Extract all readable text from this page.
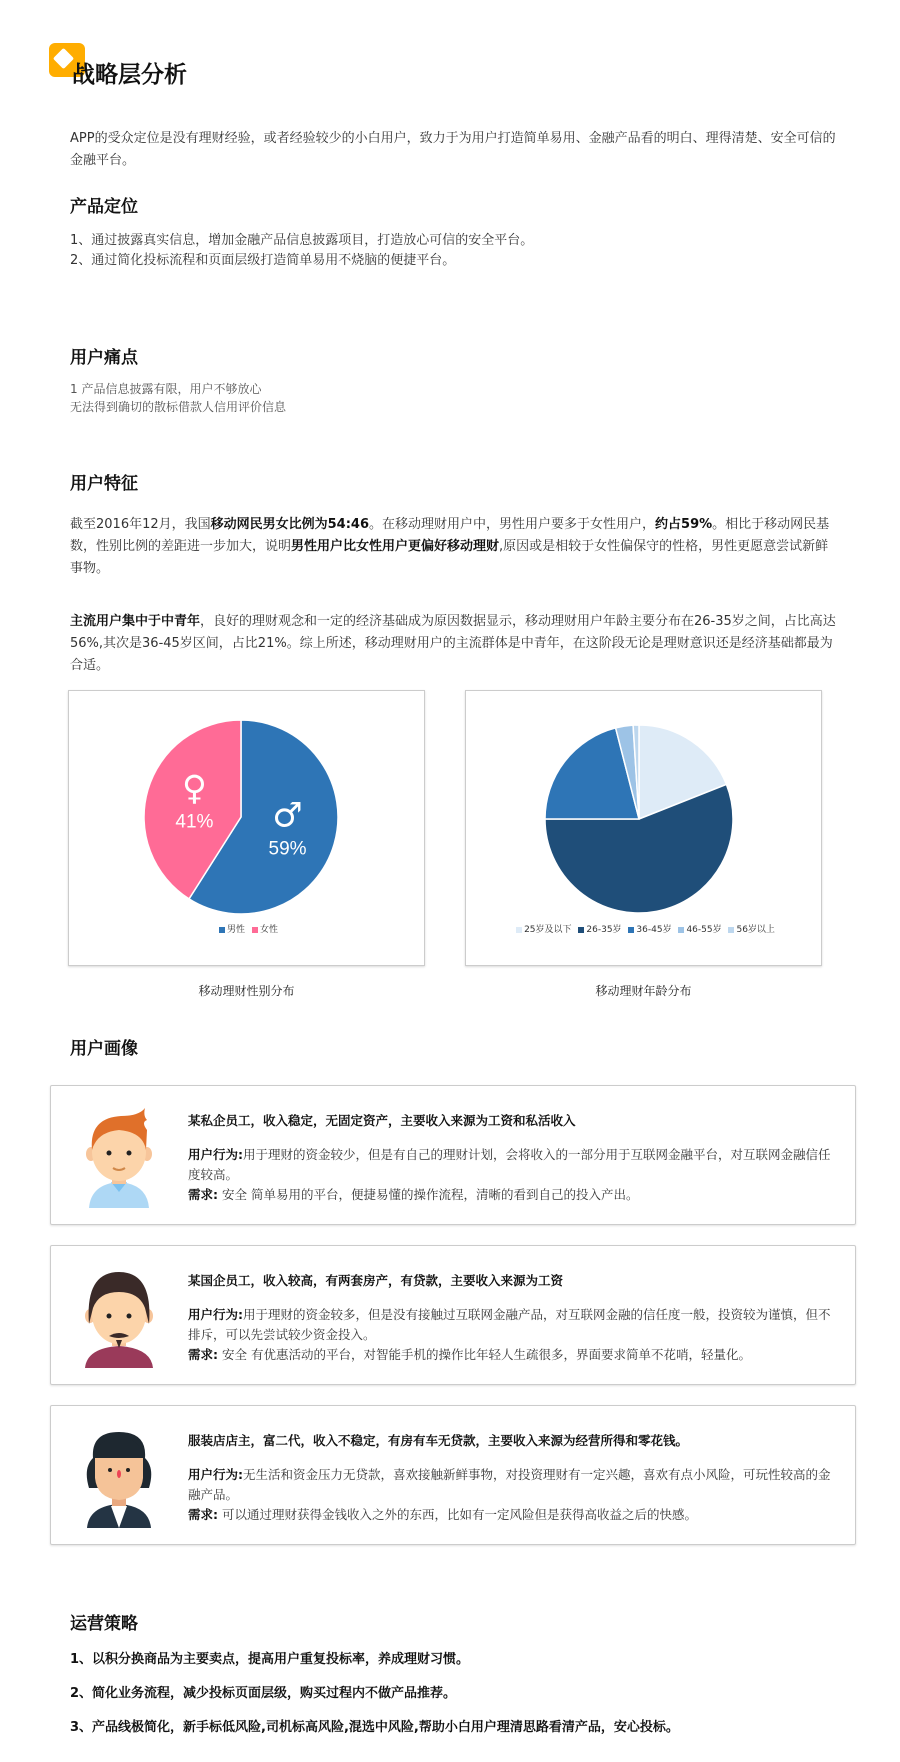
战略层分析
APP的受众定位是没有理财经验，或者经验较少的小白用户，致力于为用户打造简单易用、金融产品看的明白、理得清楚、安全可信的金融平台。
产品定位
1、通过披露真实信息，增加金融产品信息披露项目，打造放心可信的安全平台。
2、通过简化投标流程和页面层级打造简单易用不烧脑的便捷平台。
用户痛点
1 产品信息披露有限，用户不够放心
无法得到确切的散标借款人信用评价信息
用户特征
截至2016年12月，我国移动网民男女比例为54:46。在移动理财用户中，男性用户要多于女性用户，约占59%。相比于移动网民基数，性别比例的差距进一步加大，说明男性用户比女性用户更偏好移动理财,原因或是相较于女性偏保守的性格，男性更愿意尝试新鲜事物。
主流用户集中于中青年，良好的理财观念和一定的经济基础成为原因数据显示，移动理财用户年龄主要分布在26-35岁之间，占比高达56%,其次是36-45岁区间，占比21%。综上所述，移动理财用户的主流群体是中青年，在这阶段无论是理财意识还是经济基础都最为合适。
♂
59%
♀
41%
男性 女性
移动理财性别分布
25岁及以下 26-35岁 36-45岁 46-55岁 56岁以上
移动理财年龄分布
用户画像
某私企员工，收入稳定，无固定资产，主要收入来源为工资和私活收入
用户行为:用于理财的资金较少，但是有自己的理财计划，会将收入的一部分用于互联网金融平台，对互联网金融信任度较高。
需求: 安全 简单易用的平台，便捷易懂的操作流程，清晰的看到自己的投入产出。
某国企员工，收入较高，有两套房产，有贷款，主要收入来源为工资
用户行为:用于理财的资金较多，但是没有接触过互联网金融产品，对互联网金融的信任度一般，投资较为谨慎，但不排斥，可以先尝试较少资金投入。
需求: 安全 有优惠活动的平台，对智能手机的操作比年轻人生疏很多，界面要求简单不花哨，轻量化。
服装店店主，富二代，收入不稳定，有房有车无贷款，主要收入来源为经营所得和零花钱。
用户行为:无生活和资金压力无贷款，喜欢接触新鲜事物，对投资理财有一定兴趣，喜欢有点小风险，可玩性较高的金融产品。
需求: 可以通过理财获得金钱收入之外的东西，比如有一定风险但是获得高收益之后的快感。
运营策略
1、以积分换商品为主要卖点，提高用户重复投标率，养成理财习惯。
2、简化业务流程，减少投标页面层级，购买过程内不做产品推荐。
3、产品线极简化，新手标低风险,司机标高风险,混选中风险,帮助小白用户理清思路看清产品，安心投标。
